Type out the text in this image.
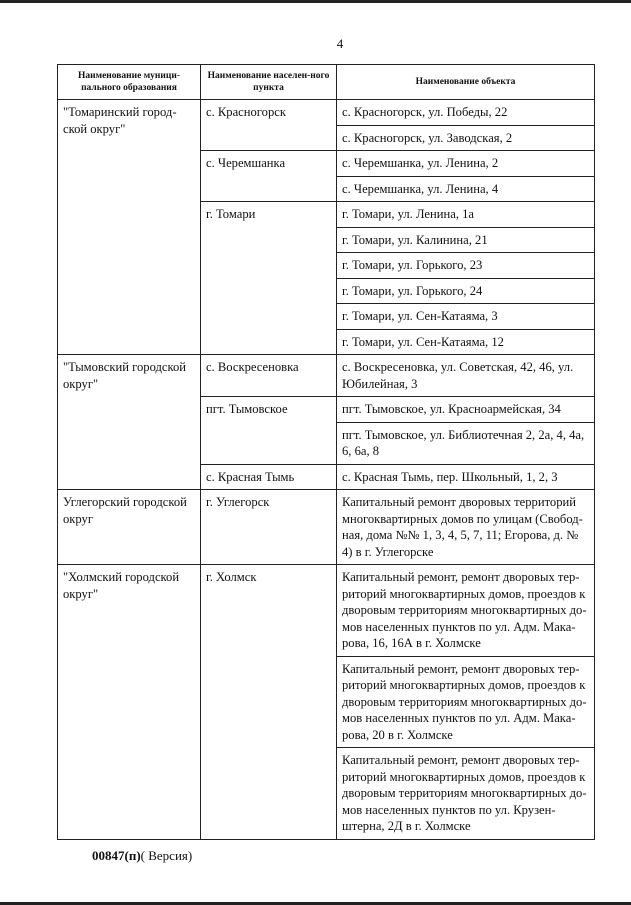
4
Наименование муници-пального образования	Наименование населен-ного пункта	Наименование объекта
"Томаринский город-ской округ"	с. Красногорск	с. Красногорск, ул. Победы, 22
		с. Красногорск, ул. Заводская, 2
	с. Черемшанка	с. Черемшанка, ул. Ленина, 2
		с. Черемшанка, ул. Ленина, 4
	г. Томари	г. Томари, ул. Ленина, 1а
		г. Томари, ул. Калинина, 21
		г. Томари, ул. Горького, 23
		г. Томари, ул. Горького, 24
		г. Томари, ул. Сен-Катаяма, 3
		г. Томари, ул. Сен-Катаяма, 12
"Тымовский городской округ"	с. Воскресеновка	с. Воскресеновка, ул. Советская, 42, 46, ул. Юбилейная, 3
	пгт. Тымовское	пгт. Тымовское, ул. Красноармейская, 34
		пгт. Тымовское, ул. Библиотечная 2, 2а, 4, 4а, 6, 6а, 8
	с. Красная Тымь	с. Красная Тымь, пер. Школьный, 1, 2, 3
Углегорский городской округ	г. Углегорск	Капитальный ремонт дворовых территорий многоквартирных домов по улицам (Свобод-ная, дома №№ 1, 3, 4, 5, 7, 11; Егорова, д. № 4) в г. Углегорске
"Холмский городской округ"	г. Холмск	Капитальный ремонт, ремонт дворовых тер-риторий многоквартирных домов, проездов к дворовым территориям многоквартирных до-мов населенных пунктов по ул. Адм. Мака-рова, 16, 16А в г. Холмске
		Капитальный ремонт, ремонт дворовых тер-риторий многоквартирных домов, проездов к дворовым территориям многоквартирных до-мов населенных пунктов по ул. Адм. Мака-рова, 20 в г. Холмске
		Капитальный ремонт, ремонт дворовых тер-риторий многоквартирных домов, проездов к дворовым территориям многоквартирных до-мов населенных пунктов по ул. Крузен-штерна, 2Д в г. Холмске
00847(п)( Версия)
